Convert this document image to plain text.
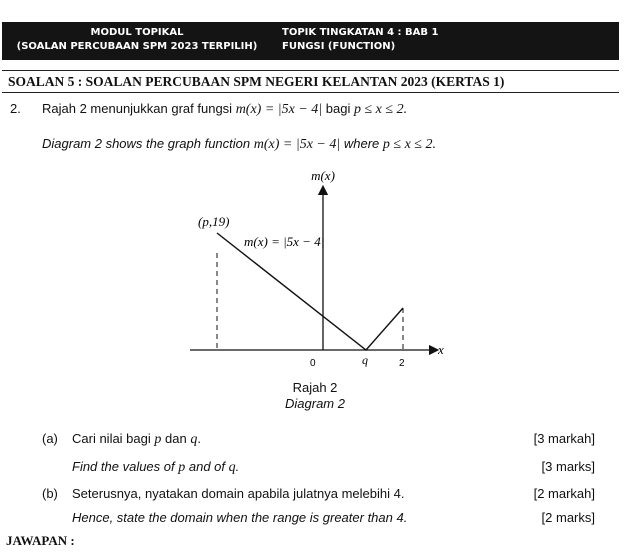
MODUL TOPIKAL
(SOALAN PERCUBAAN SPM 2023 TERPILIH)
TOPIK TINGKATAN 4 : BAB 1
FUNGSI (FUNCTION)
SOALAN 5 : SOALAN PERCUBAAN SPM NEGERI KELANTAN 2023 (KERTAS 1)
2. Rajah 2 menunjukkan graf fungsi m(x) = |5x − 4| bagi p ≤ x ≤ 2.
Diagram 2 shows the graph function m(x) = |5x − 4| where p ≤ x ≤ 2.
m(x)
x
(p,19)
m(x) = |5x − 4|
0	q	2
Rajah 2
Diagram 2
(a) Cari nilai bagi p dan q.	[3 markah]
Find the values of p and of q.	[3 marks]
(b) Seterusnya, nyatakan domain apabila julatnya melebihi 4.	[2 markah]
Hence, state the domain when the range is greater than 4.	[2 marks]
JAWAPAN :
